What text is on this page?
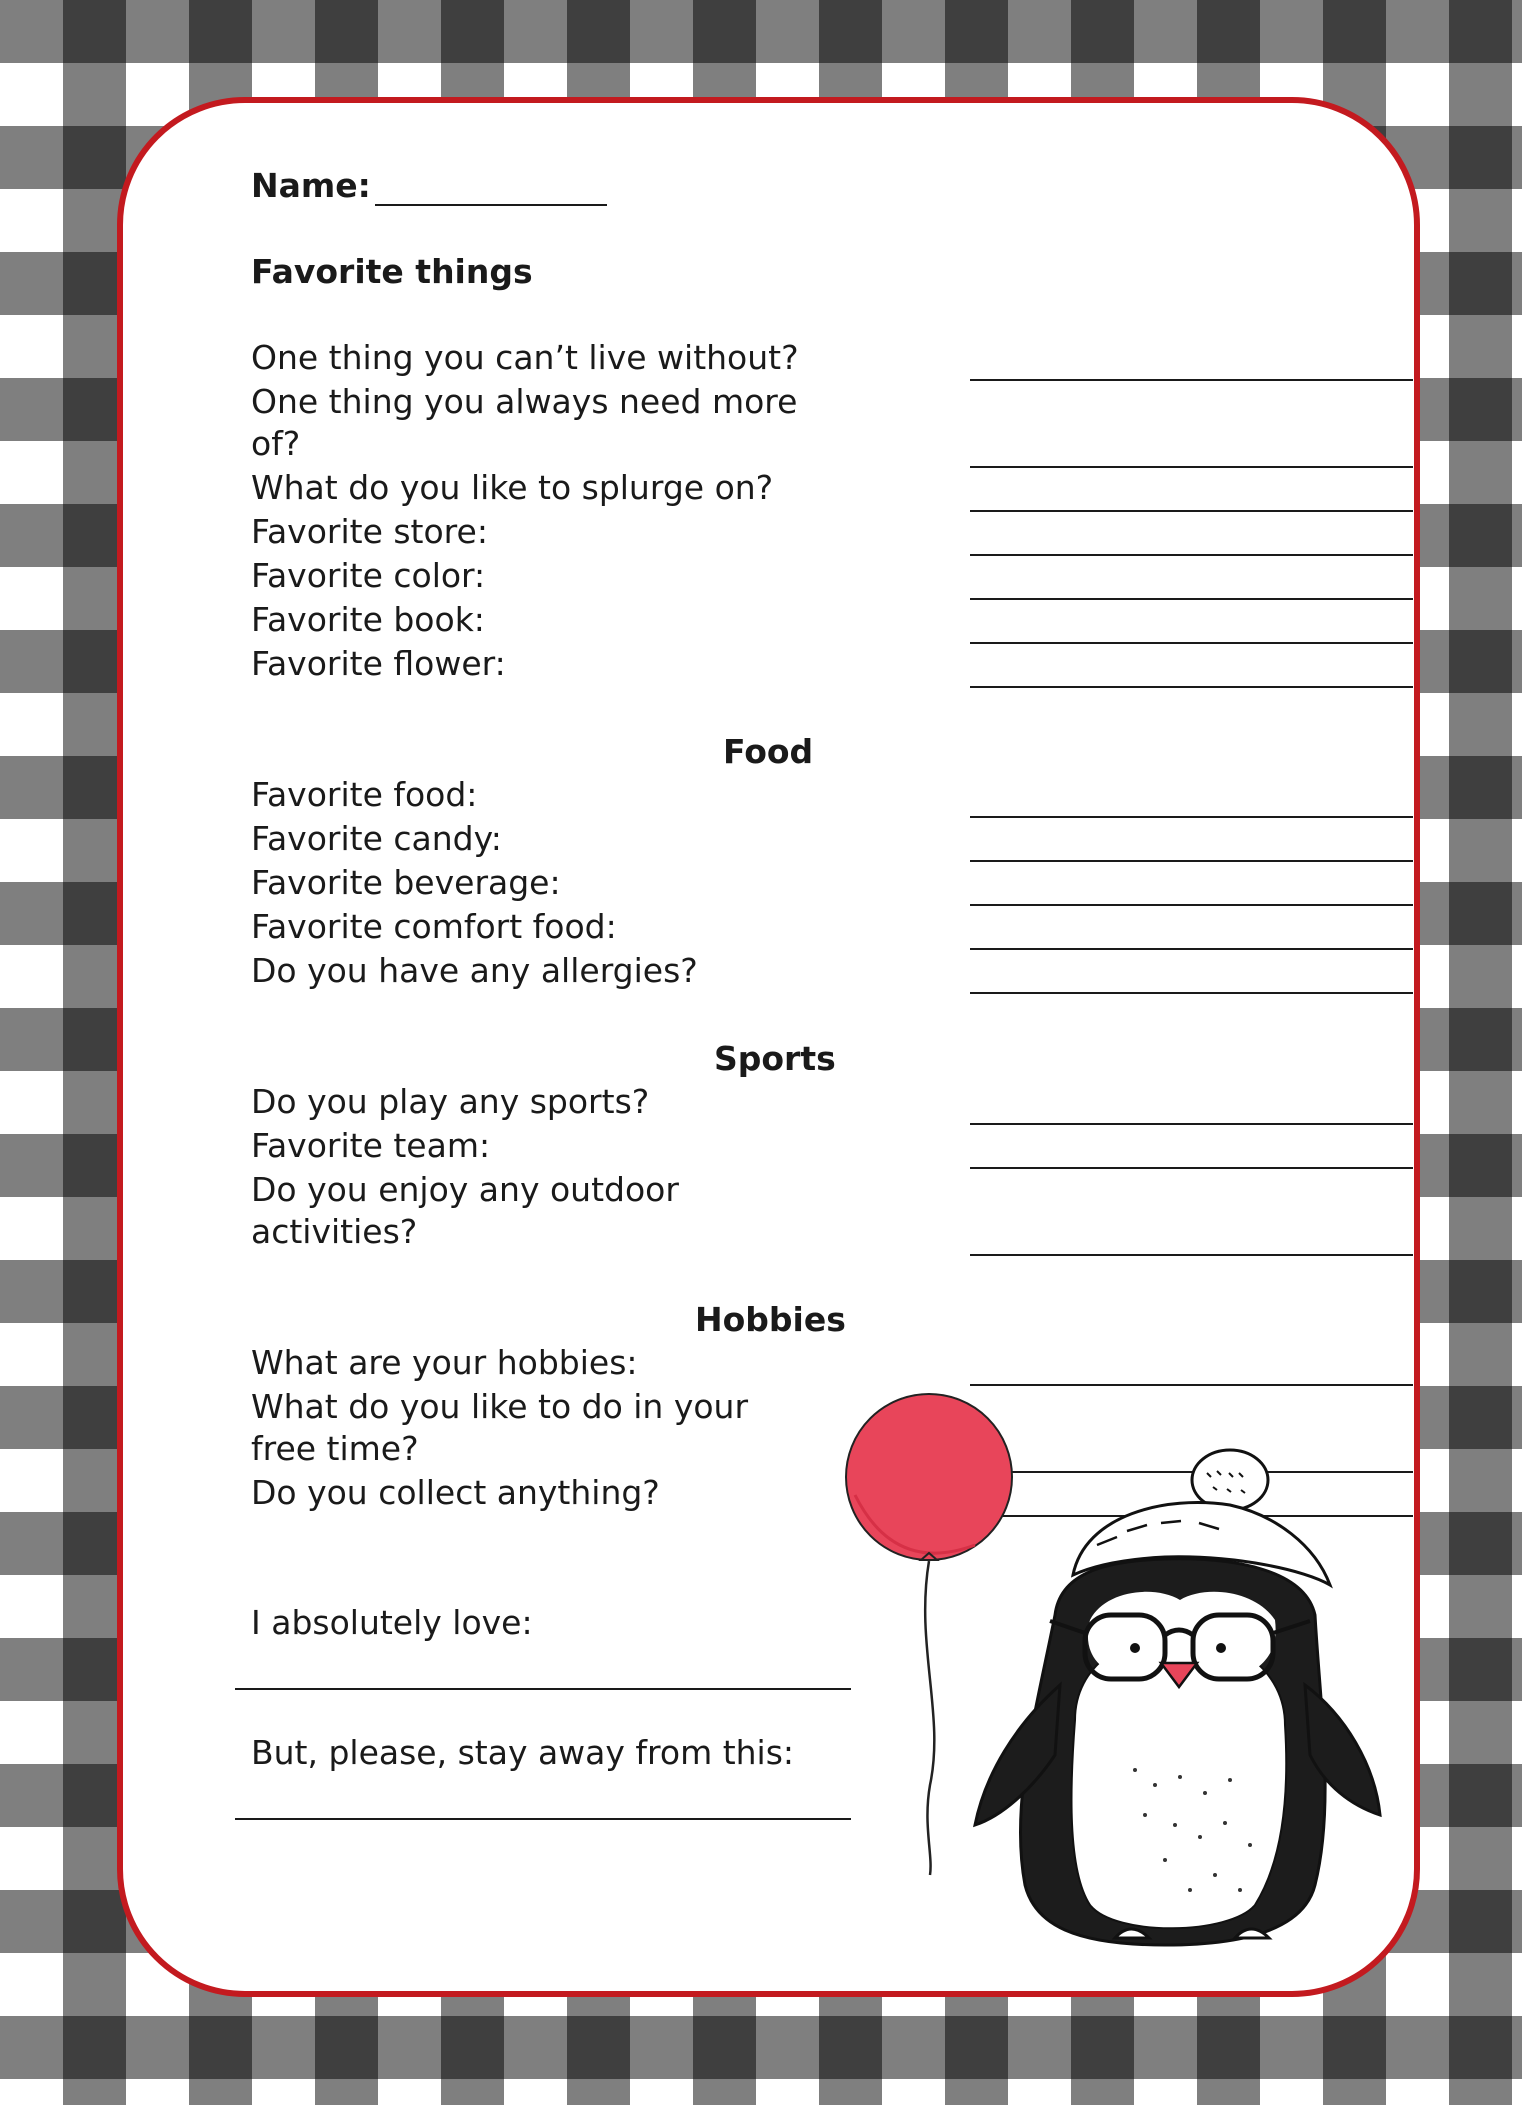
Name:
Favorite things
One thing you can’t live without?
One thing you always need more
of?
What do you like to splurge on?
Favorite store:
Favorite color:
Favorite book:
Favorite flower:
Food
Favorite food:
Favorite candy:
Favorite beverage:
Favorite comfort food:
Do you have any allergies?
Sports
Do you play any sports?
Favorite team:
Do you enjoy any outdoor
activities?
Hobbies
What are your hobbies:
What do you like to do in your
free time?
Do you collect anything?
I absolutely love:
But, please, stay away from this:
